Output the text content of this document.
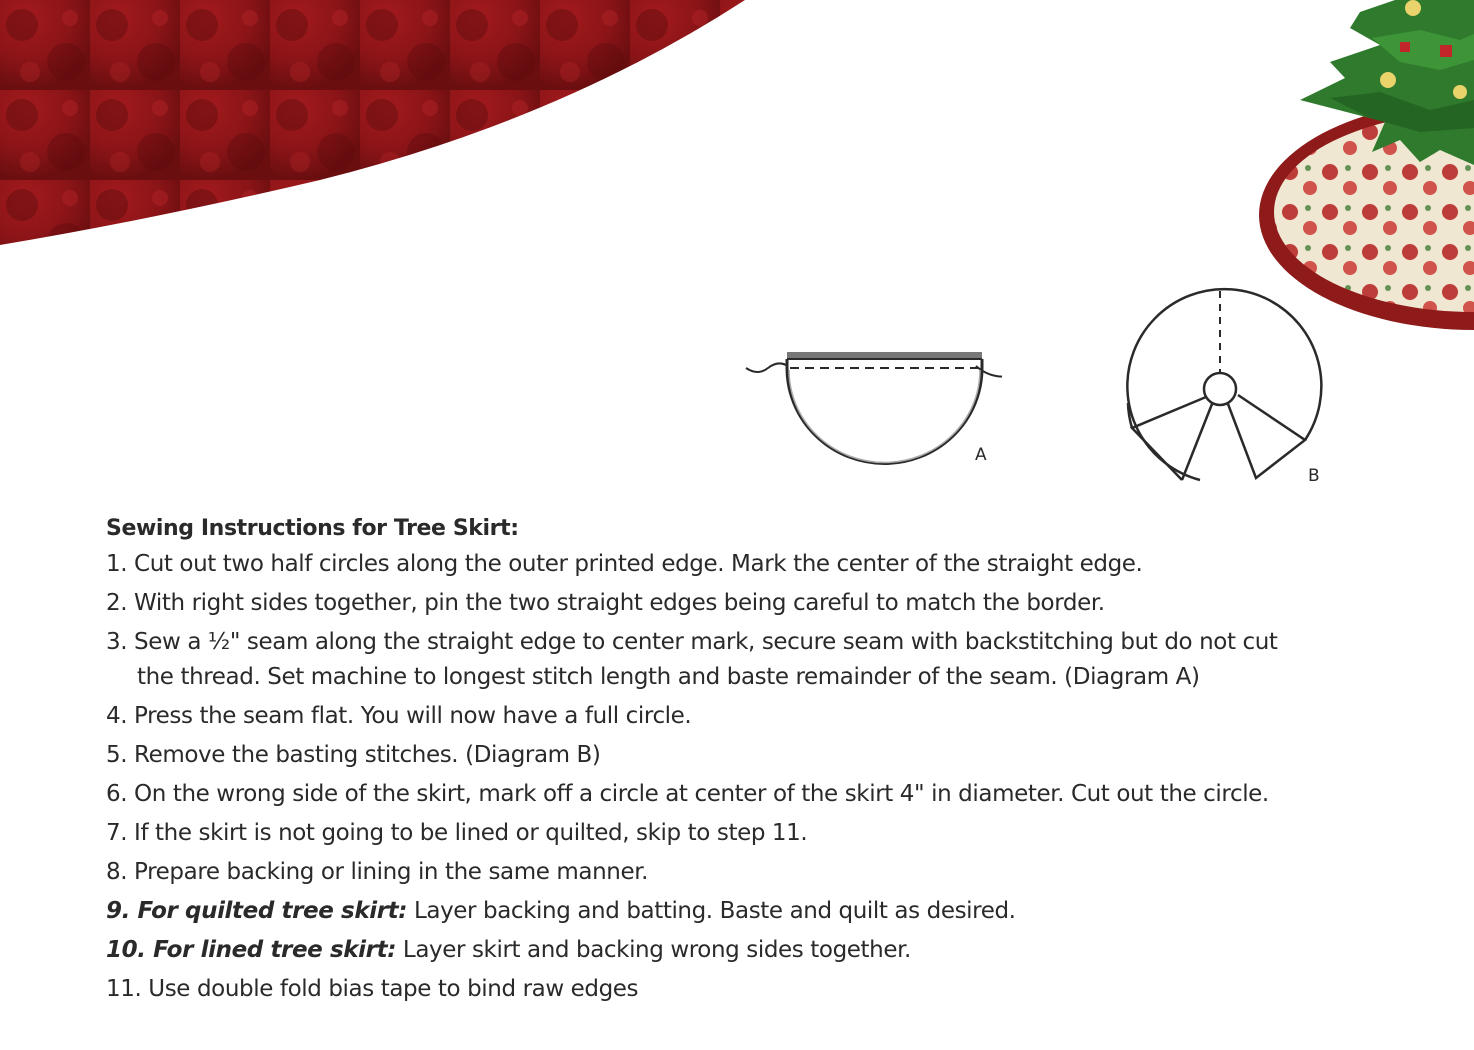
A
B
Sewing Instructions for Tree Skirt:
1. Cut out two half circles along the outer printed edge. Mark the center of the straight edge.
2. With right sides together, pin the two straight edges being careful to match the border.
3. Sew a ½" seam along the straight edge to center mark, secure seam with backstitching but do not cut
the thread. Set machine to longest stitch length and baste remainder of the seam. (Diagram A)
4. Press the seam flat. You will now have a full circle.
5. Remove the basting stitches. (Diagram B)
6. On the wrong side of the skirt, mark off a circle at center of the skirt 4" in diameter. Cut out the circle.
7. If the skirt is not going to be lined or quilted, skip to step 11.
8. Prepare backing or lining in the same manner.
9. For quilted tree skirt: Layer backing and batting. Baste and quilt as desired.
10. For lined tree skirt: Layer skirt and backing wrong sides together.
11. Use double fold bias tape to bind raw edges
